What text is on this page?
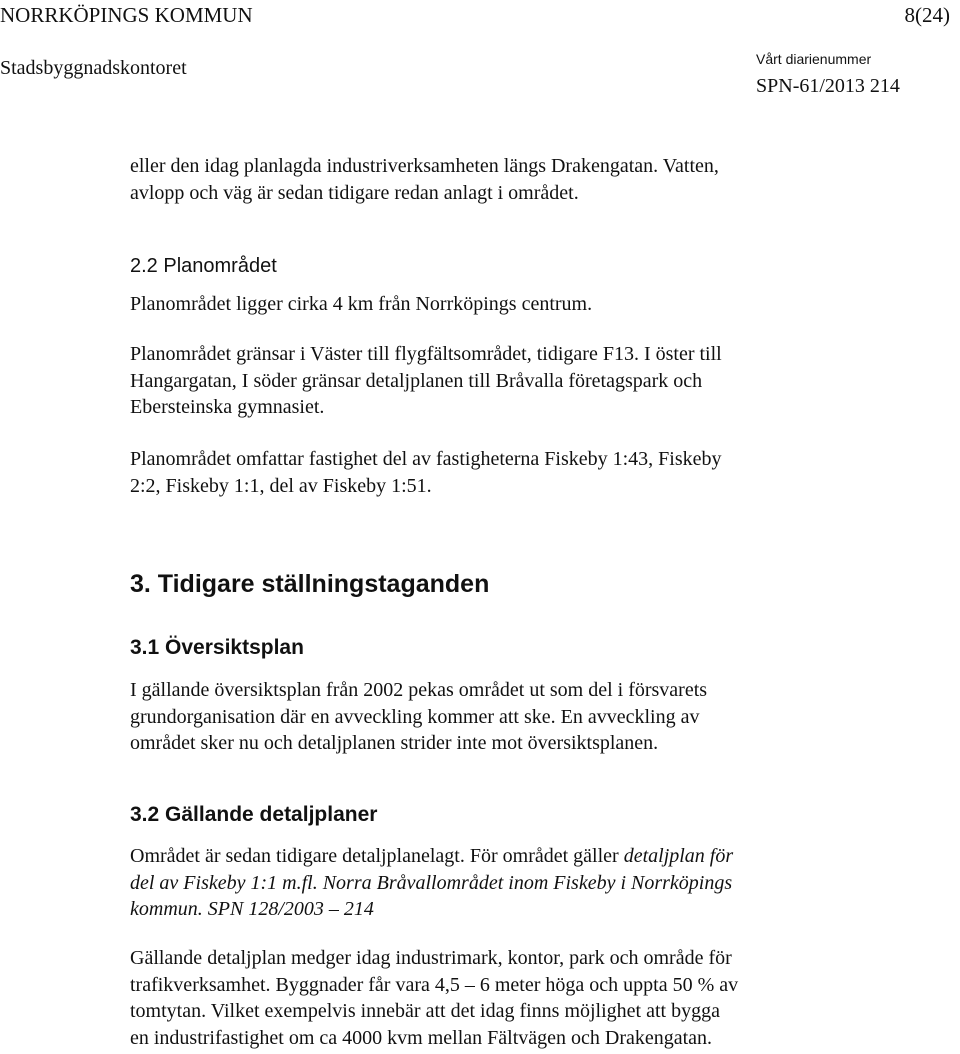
NORRKÖPINGS KOMMUN	8(24)
Stadsbyggnadskontoret	Vårt diarienummer
SPN-61/2013 214

eller den idag planlagda industriverksamheten längs Drakengatan. Vatten,

avlopp och väg är sedan tidigare redan anlagt i området.

2.2 Planområdet

Planområdet ligger cirka 4 km från Norrköpings centrum.

Planområdet gränsar i Väster till flygfältsområdet, tidigare F13. I öster till

Hangargatan, I söder gränsar detaljplanen till Bråvalla företagspark och

Ebersteinska gymnasiet.

Planområdet omfattar fastighet del av fastigheterna Fiskeby 1:43, Fiskeby

2:2, Fiskeby 1:1, del av Fiskeby 1:51.

3. Tidigare ställningstaganden

3.1 Översiktsplan

I gällande översiktsplan från 2002 pekas området ut som del i försvarets

grundorganisation där en avveckling kommer att ske. En avveckling av

området sker nu och detaljplanen strider inte mot översiktsplanen.

3.2 Gällande detaljplaner

Området är sedan tidigare detaljplanelagt. För området gäller detaljplan för

del av Fiskeby 1:1 m.fl. Norra Bråvallområdet inom Fiskeby i Norrköpings

kommun. SPN 128/2003 – 214

Gällande detaljplan medger idag industrimark, kontor, park och område för

trafikverksamhet. Byggnader får vara 4,5 – 6 meter höga och uppta 50 % av

tomtytan. Vilket exempelvis innebär att det idag finns möjlighet att bygga

en industrifastighet om ca 4000 kvm mellan Fältvägen och Drakengatan.
